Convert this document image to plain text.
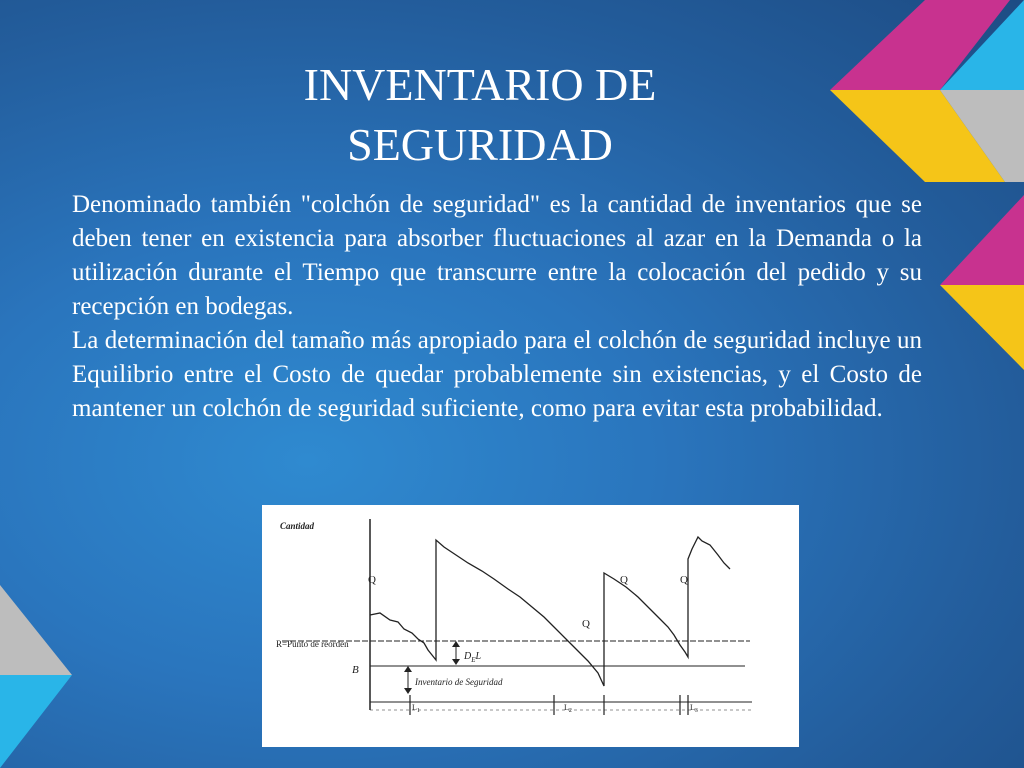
INVENTARIO DE
SEGURIDAD

Denominado también "colchón de seguridad" es la cantidad de inventarios que se deben tener en existencia para absorber fluctuaciones al azar en la Demanda o la utilización durante el Tiempo que transcurre entre la colocación del pedido y su recepción en bodegas.

La determinación del tamaño más apropiado para el colchón de seguridad incluye un Equilibrio entre el Costo de quedar probablemente sin existencias, y el Costo de mantener un colchón de seguridad suficiente, como para evitar esta probabilidad.

Cantidad
R=Punto de reorden
B
Q
Q
Q	Q
$D_EL$
Inventario de Seguridad
$L_1$	$L_2$	$L_3$
